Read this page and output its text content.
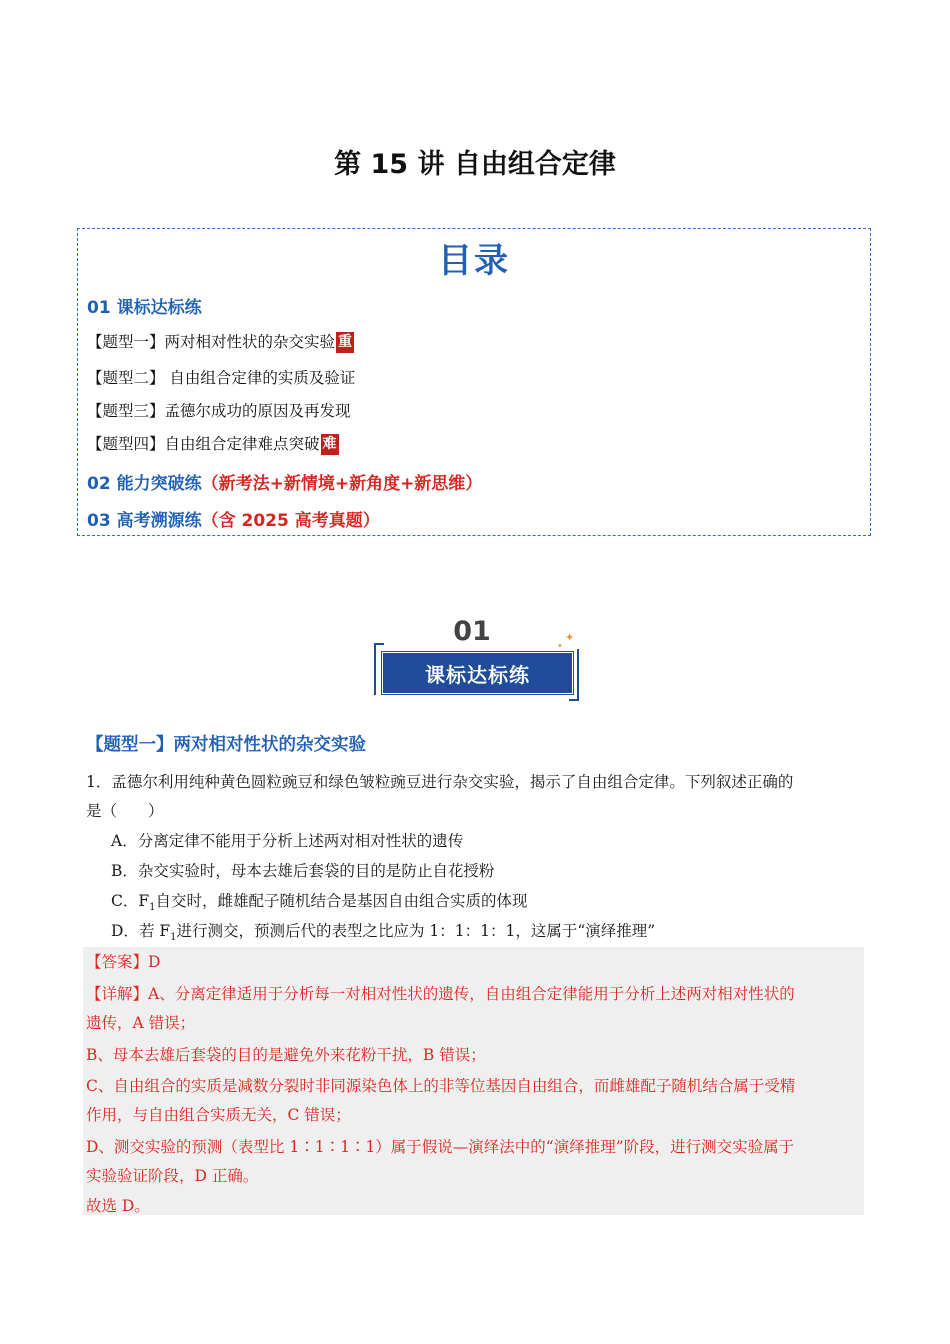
第 15 讲 自由组合定律
目录
01 课标达标练
【题型一】两对相对性状的杂交实验 重
【题型二】 自由组合定律的实质及验证
【题型三】孟德尔成功的原因及再发现
【题型四】自由组合定律难点突破 难
02 能力突破练（新考法+新情境+新角度+新思维）
03 高考溯源练（含 2025 高考真题）
01	✦
✦
课标达标练
【题型一】两对相对性状的杂交实验
1．孟德尔利用纯种黄色圆粒豌豆和绿色皱粒豌豆进行杂交实验，揭示了自由组合定律。下列叙述正确的
是（　　）
A．分离定律不能用于分析上述两对相对性状的遗传
B．杂交实验时，母本去雄后套袋的目的是防止自花授粉
C．$F_1$自交时，雌雄配子随机结合是基因自由组合实质的体现
D．若 $F_1$进行测交，预测后代的表型之比应为 1：1：1：1，这属于“演绎推理”
【答案】D
【详解】A、分离定律适用于分析每一对相对性状的遗传，自由组合定律能用于分析上述两对相对性状的
遗传，A 错误；
B、母本去雄后套袋的目的是避免外来花粉干扰，B 错误；
C、自由组合的实质是减数分裂时非同源染色体上的非等位基因自由组合，而雌雄配子随机结合属于受精
作用，与自由组合实质无关，C 错误；
D、测交实验的预测（表型比 1∶1∶1∶1）属于假说—演绎法中的“演绎推理”阶段，进行测交实验属于
实验验证阶段，D 正确。
故选 D。
